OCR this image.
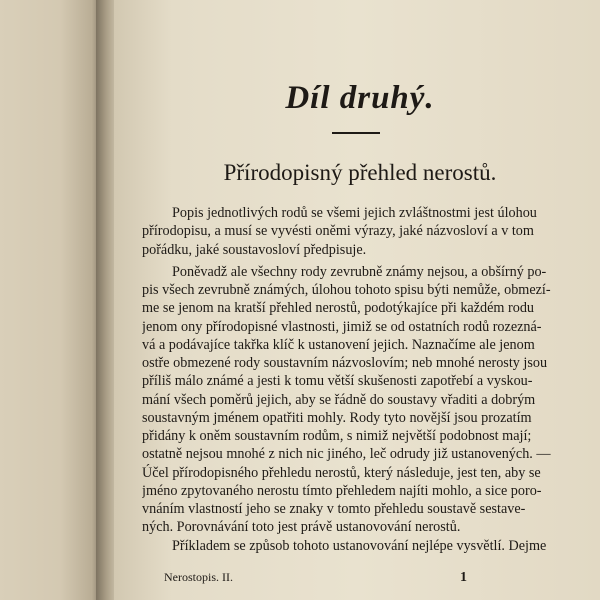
Díl druhý.
Přírodopisný přehled nerostů.

Popis jednotlivých rodů se všemi jejich zvláštnostmi jest úlohou
přírodopisu, a musí se vyvésti oněmi výrazy, jaké názvosloví a v tom
pořádku, jaké soustavosloví předpisuje.

Poněvadž ale všechny rody zevrubně známy nejsou, a obšírný po-
pis všech zevrubně známých, úlohou tohoto spisu býti nemůže, obmezí-
me se jenom na kratší přehled nerostů, podotýkajíce při každém rodu
jenom ony přírodopisné vlastnosti, jimiž se od ostatních rodů rozezná-
vá a podávajíce takřka klíč k ustanovení jejich. Naznačíme ale jenom
ostře obmezené rody soustavním názvoslovím; neb mnohé nerosty jsou
příliš málo známé a jesti k tomu větší skušenosti zapotřebí a vyskou-
mání všech poměrů jejich, aby se řádně do soustavy vřaditi a dobrým
soustavným jménem opatřiti mohly. Rody tyto novější jsou prozatím
přidány k oněm soustavním rodům, s nimiž největší podobnost mají;
ostatně nejsou mnohé z nich nic jiného, leč odrudy již ustanovených. —
Účel přírodopisného přehledu nerostů, který následuje, jest ten, aby se
jméno zpytovaného nerostu tímto přehledem najíti mohlo, a sice poro-
vnáním vlastností jeho se znaky v tomto přehledu soustavě sestave-
ných. Porovnávání toto jest právě ustanovování nerostů.

Příkladem se způsob tohoto ustanovování nejlépe vysvětlí. Dejme

Nerostopis. II.	1
